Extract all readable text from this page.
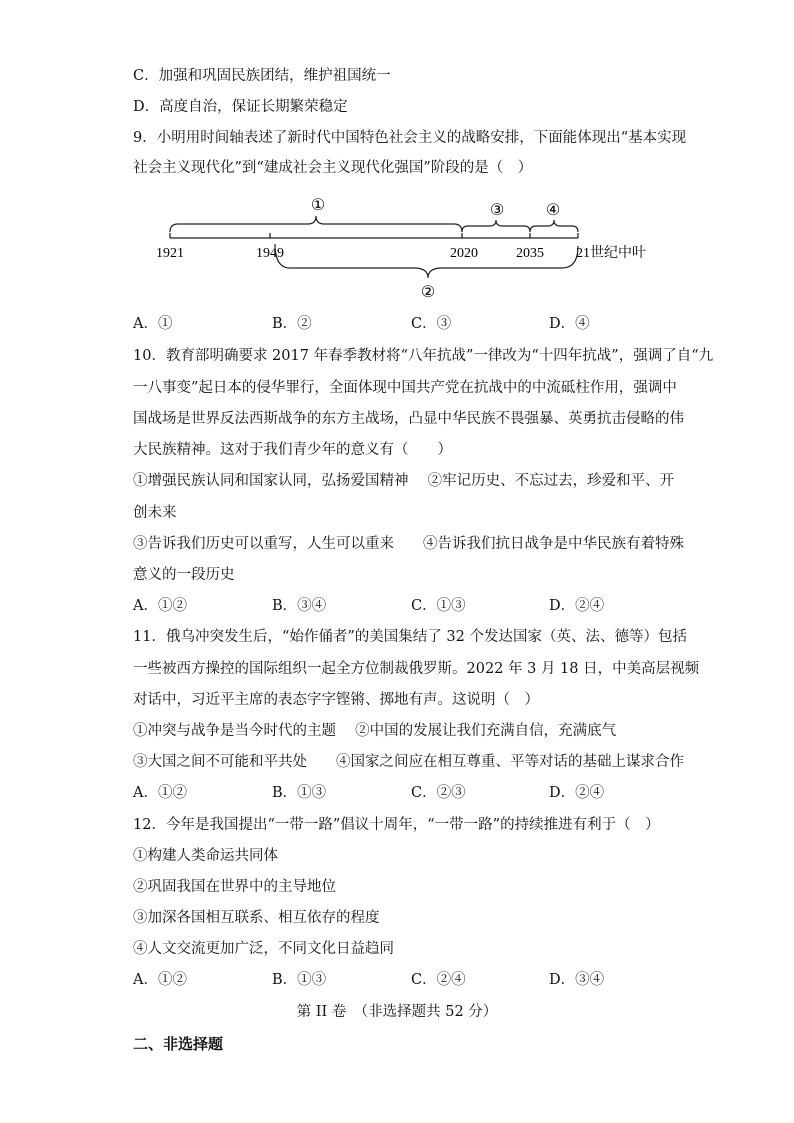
C．加强和巩固民族团结，维护祖国统一
D．高度自治，保证长期繁荣稳定
9．小明用时间轴表述了新时代中国特色社会主义的战略安排，下面能体现出“基本实现
社会主义现代化”到“建成社会主义现代化强国”阶段的是（　）
1921	1949	2020	2035 21世纪中叶
①	③	④
②
A．①	B．②	C．③	D．④
10．教育部明确要求 2017 年春季教材将“八年抗战”一律改为“十四年抗战”，强调了自“九
一八事变”起日本的侵华罪行，全面体现中国共产党在抗战中的中流砥柱作用，强调中
国战场是世界反法西斯战争的东方主战场，凸显中华民族不畏强暴、英勇抗击侵略的伟
大民族精神。这对于我们青少年的意义有（　　）
①增强民族认同和国家认同，弘扬爱国精神　 ②牢记历史、不忘过去，珍爱和平、开
创未来
③告诉我们历史可以重写，人生可以重来　　④告诉我们抗日战争是中华民族有着特殊
意义的一段历史
A．①②	B．③④	C．①③	D．②④
11．俄乌冲突发生后，“始作俑者”的美国集结了 32 个发达国家（英、法、德等）包括
一些被西方操控的国际组织一起全方位制裁俄罗斯。2022 年 3 月 18 日，中美高层视频
对话中，习近平主席的表态字字铿锵、掷地有声。这说明（　）
①冲突与战争是当今时代的主题　 ②中国的发展让我们充满自信，充满底气
③大国之间不可能和平共处　　④国家之间应在相互尊重、平等对话的基础上谋求合作
A．①②	B．①③	C．②③	D．②④
12．今年是我国提出“一带一路”倡议十周年，“一带一路”的持续推进有利于（　）
①构建人类命运共同体
②巩固我国在世界中的主导地位
③加深各国相互联系、相互依存的程度
④人文交流更加广泛，不同文化日益趋同
A．①②	B．①③	C．②④	D．③④
第 II 卷　（非选择题共 52 分）
二、非选择题
